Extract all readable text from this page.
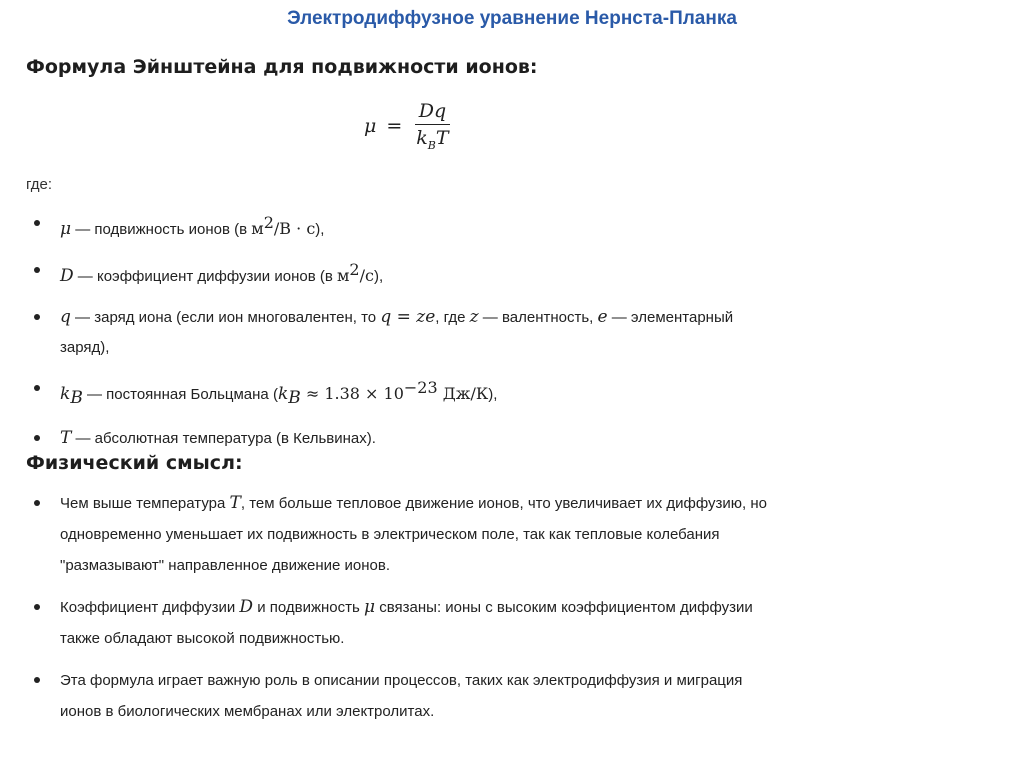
Электродиффузное уравнение Нернста-Планка
Формула Эйнштейна для подвижности ионов:
$\mu = \frac{Dq}{k_BT}$
где:
μ — подвижность ионов (в $м^2/В \cdot с$),
D — коэффициент диффузии ионов (в $м^2/с$),
q — заряд иона (если ион многовалентен, то q = ze, где z — валентность, e — элементарный заряд),
$k_B$ — постоянная Больцмана ($k_B \approx 1.38 \times 10^{-23}$ Дж/К),
T — абсолютная температура (в Кельвинах).
Физический смысл:
Чем выше температура T, тем больше тепловое движение ионов, что увеличивает их диффузию, но одновременно уменьшает их подвижность в электрическом поле, так как тепловые колебания "размазывают" направленное движение ионов.
Коэффициент диффузии D и подвижность μ связаны: ионы с высоким коэффициентом диффузии также обладают высокой подвижностью.
Эта формула играет важную роль в описании процессов, таких как электродиффузия и миграция ионов в биологических мембранах или электролитах.
